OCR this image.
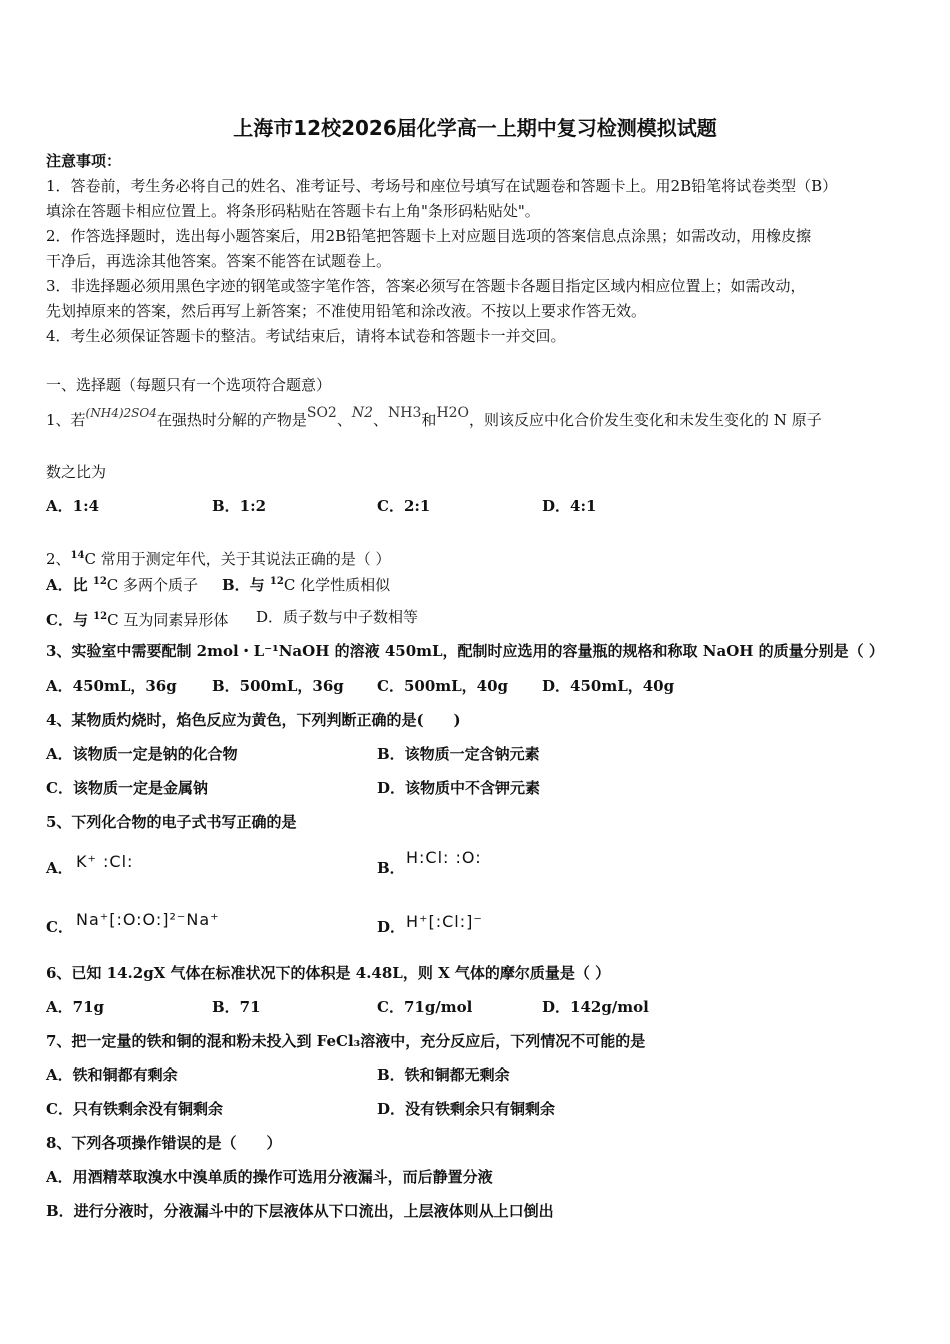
上海市12校2026届化学高一上期中复习检测模拟试题
注意事项：
1．答卷前，考生务必将自己的姓名、准考证号、考场号和座位号填写在试题卷和答题卡上。用2B铅笔将试卷类型（B）
填涂在答题卡相应位置上。将条形码粘贴在答题卡右上角"条形码粘贴处"。
2．作答选择题时，选出每小题答案后，用2B铅笔把答题卡上对应题目选项的答案信息点涂黑；如需改动，用橡皮擦
干净后，再选涂其他答案。答案不能答在试题卷上。
3．非选择题必须用黑色字迹的钢笔或签字笔作答，答案必须写在答题卡各题目指定区域内相应位置上；如需改动，
先划掉原来的答案，然后再写上新答案；不准使用铅笔和涂改液。不按以上要求作答无效。
4．考生必须保证答题卡的整洁。考试结束后，请将本试卷和答题卡一并交回。
一、选择题（每题只有一个选项符合题意）
1、若$^{(NH4)2SO4}$在强热时分解的产物是SO2、N2、NH3和H2O，则该反应中化合价发生变化和未发生变化的 N 原子
数之比为
A．1:4	B．1:2	C．2:1	D．4:1
2、$^{14}$C 常用于测定年代，关于其说法正确的是（ ）
A．比 $^{12}$C 多两个质子 B．与 $^{12}$C 化学性质相似
C．与 $^{12}$C 互为同素异形体 D．质子数与中子数相等
3、实验室中需要配制 2mol・L⁻¹NaOH 的溶液 450mL，配制时应选用的容量瓶的规格和称取 NaOH 的质量分别是（ ）
A．450mL，36g B．500mL，36g C．500mL，40g D．450mL，40g
4、某物质灼烧时，焰色反应为黄色，下列判断正确的是(　　)
A．该物质一定是钠的化合物	B．该物质一定含钠元素
C．该物质一定是金属钠	D．该物质中不含钾元素
5、下列化合物的电子式书写正确的是
A． K⁺ :Cl:	B．
H:Cl: :O:
C． Na⁺[:O:O:]²⁻Na⁺	D． H⁺[:Cl:]⁻
6、已知 14.2gX 气体在标准状况下的体积是 4.48L，则 X 气体的摩尔质量是（ ）
A．71g	B．71	C．71g/mol	D．142g/mol
7、把一定量的铁和铜的混和粉未投入到 FeCl₃溶液中，充分反应后，下列情况不可能的是
A．铁和铜都有剩余	B．铁和铜都无剩余
C．只有铁剩余没有铜剩余	D．没有铁剩余只有铜剩余
8、下列各项操作错误的是（　　）
A．用酒精萃取溴水中溴单质的操作可选用分液漏斗，而后静置分液
B．进行分液时，分液漏斗中的下层液体从下口流出，上层液体则从上口倒出
